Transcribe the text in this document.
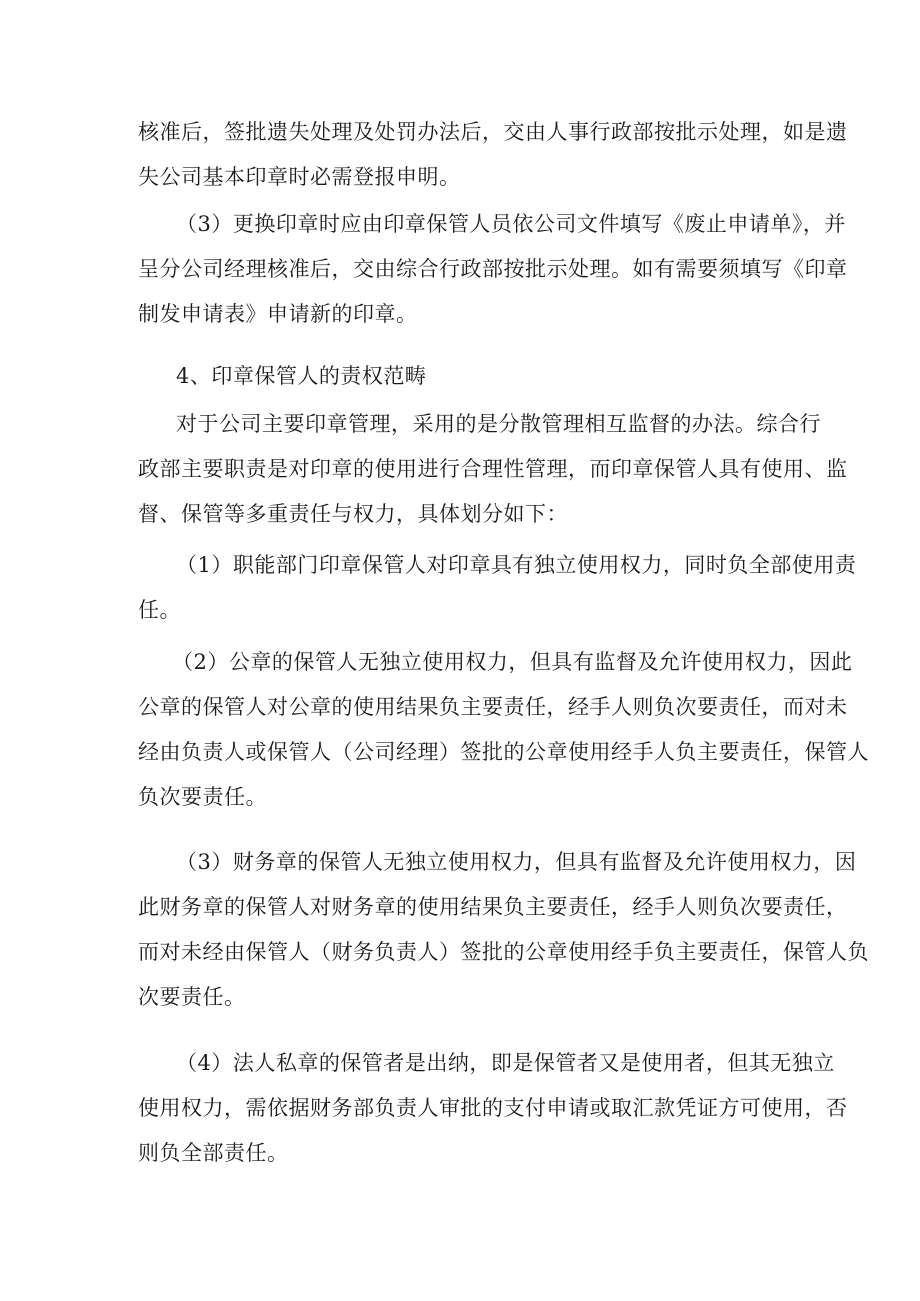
核准后，签批遗失处理及处罚办法后，交由人事行政部按批示处理，如是遗
失公司基本印章时必需登报申明。
（3）更换印章时应由印章保管人员依公司文件填写《废止申请单》，并
呈分公司经理核准后，交由综合行政部按批示处理。如有需要须填写《印章
制发申请表》申请新的印章。
4、印章保管人的责权范畴
对于公司主要印章管理，采用的是分散管理相互监督的办法。综合行
政部主要职责是对印章的使用进行合理性管理，而印章保管人具有使用、监
督、保管等多重责任与权力，具体划分如下：
（1）职能部门印章保管人对印章具有独立使用权力，同时负全部使用责
任。
（2）公章的保管人无独立使用权力，但具有监督及允许使用权力，因此
公章的保管人对公章的使用结果负主要责任，经手人则负次要责任，而对未
经由负责人或保管人（公司经理）签批的公章使用经手人负主要责任，保管人
负次要责任。
（3）财务章的保管人无独立使用权力，但具有监督及允许使用权力，因
此财务章的保管人对财务章的使用结果负主要责任，经手人则负次要责任，
而对未经由保管人（财务负责人）签批的公章使用经手负主要责任，保管人负
次要责任。
（4）法人私章的保管者是出纳，即是保管者又是使用者，但其无独立
使用权力，需依据财务部负责人审批的支付申请或取汇款凭证方可使用，否
则负全部责任。
